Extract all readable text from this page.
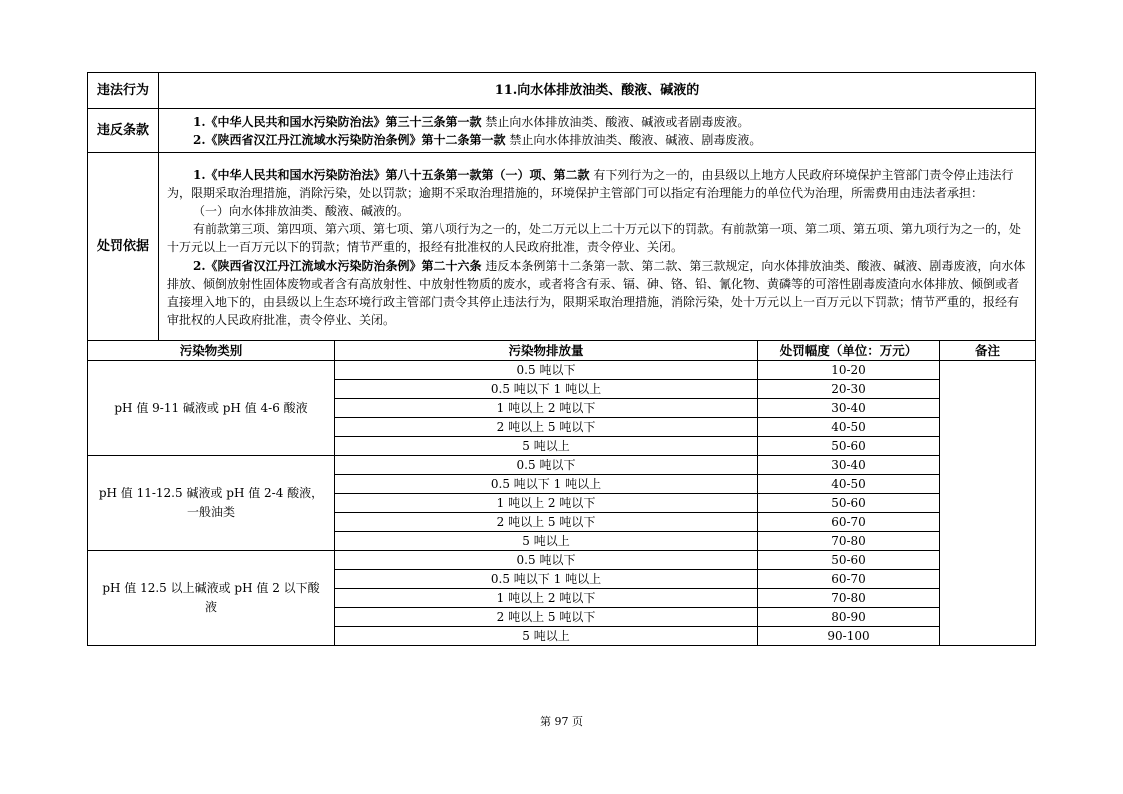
违法行为	11.向水体排放油类、酸液、碱液的			
违反条款	1.《中华人民共和国水污染防治法》第三十三条第一款 禁止向水体排放油类、酸液、碱液或者剧毒废液。
2.《陕西省汉江丹江流域水污染防治条例》第十二条第一款 禁止向水体排放油类、酸液、碱液、剧毒废液。			

处罚依据	1.《中华人民共和国水污染防治法》第八十五条第一款第（一）项、第二款 有下列行为之一的，由县级以上地方人民政府环境保护主管部门责令停止违法行为，限期采取治理措施，消除污染，处以罚款；逾期不采取治理措施的，环境保护主管部门可以指定有治理能力的单位代为治理，所需费用由违法者承担：
（一）向水体排放油类、酸液、碱液的。
有前款第三项、第四项、第六项、第七项、第八项行为之一的，处二万元以上二十万元以下的罚款。有前款第一项、第二项、第五项、第九项行为之一的，处十万元以上一百万元以下的罚款；情节严重的，报经有批准权的人民政府批准，责令停业、关闭。
2.《陕西省汉江丹江流域水污染防治条例》第二十六条 违反本条例第十二条第一款、第二款、第三款规定，向水体排放油类、酸液、碱液、剧毒废液，向水体排放、倾倒放射性固体废物或者含有高放射性、中放射性物质的废水，或者将含有汞、镉、砷、铬、铅、氰化物、黄磷等的可溶性剧毒废渣向水体排放、倾倒或者直接埋入地下的，由县级以上生态环境行政主管部门责令其停止违法行为，限期采取治理措施，消除污染，处十万元以上一百万元以下罚款；情节严重的，报经有审批权的人民政府批准，责令停业、关闭。			

污染物类别		污染物排放量	处罚幅度（单位：万元）	备注
pH 值 9-11 碱液或 pH 值 4-6 酸液		0.5 吨以下	10-20	
		0.5 吨以下 1 吨以上	20-30	
		1 吨以上 2 吨以下	30-40	
		2 吨以上 5 吨以下	40-50	
		5 吨以上	50-60	
pH 值 11-12.5 碱液或 pH 值 2-4 酸液，一般油类		0.5 吨以下	30-40	
		0.5 吨以下 1 吨以上	40-50	
		1 吨以上 2 吨以下	50-60	
		2 吨以上 5 吨以下	60-70	
		5 吨以上	70-80	
pH 值 12.5 以上碱液或 pH 值 2 以下酸液		0.5 吨以下	50-60	
		0.5 吨以下 1 吨以上	60-70	
		1 吨以上 2 吨以下	70-80	
		2 吨以上 5 吨以下	80-90	
		5 吨以上	90-100	
第 97 页
